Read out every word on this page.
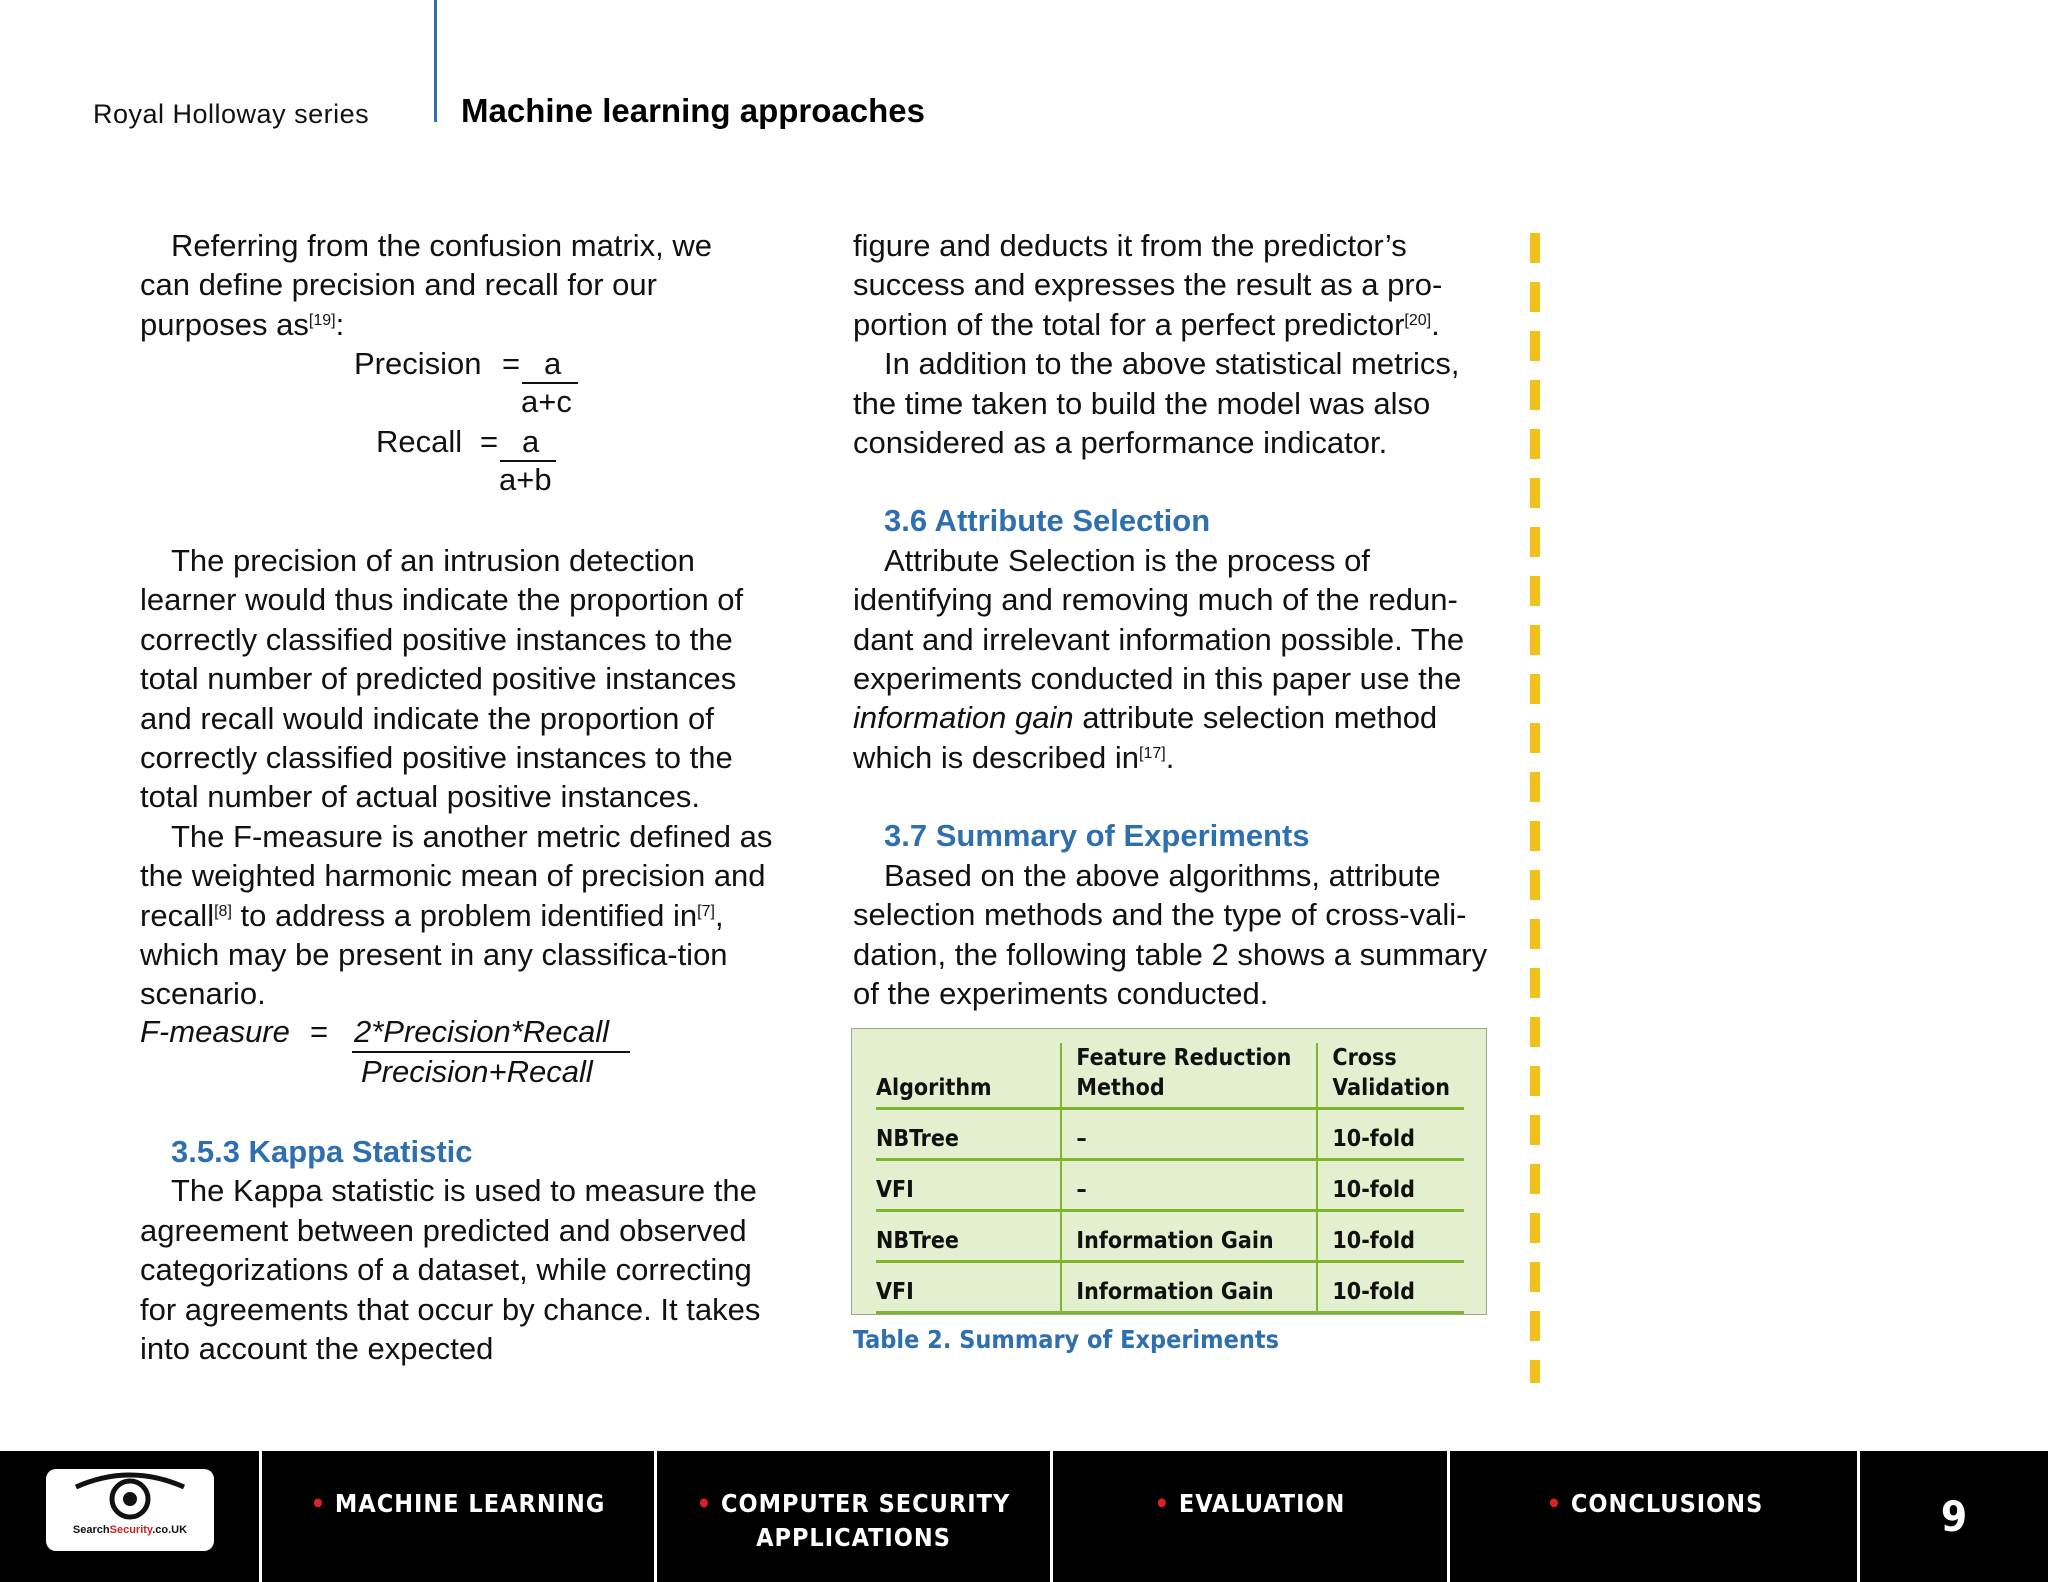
Royal Holloway series	Machine learning approaches

Referring from the confusion matrix, we

can define precision and recall for our

purposes as[19]:

Precision = a
a+c
Recall = a
a+b

The precision of an intrusion detection learner would thus indicate the proportion of correctly classified positive instances to the total number of predicted positive instances and recall would indicate the proportion of correctly classified positive instances to the total number of actual positive instances.

The F-measure is another metric defined as the weighted harmonic mean of precision and recall[8] to address a problem identified in[7], which may be present in any classifica-tion scenario.

F-measure = 2*Precision*Recall
Precision+Recall

3.5.3 Kappa Statistic

The Kappa statistic is used to measure the agreement between predicted and observed categorizations of a dataset, while correcting for agreements that occur by chance. It takes into account the expected

figure and deducts it from the predictor’s success and expresses the result as a pro-portion of the total for a perfect predictor[20].

In addition to the above statistical metrics, the time taken to build the model was also considered as a performance indicator.

3.6 Attribute Selection

Attribute Selection is the process of identifying and removing much of the redun-dant and irrelevant information possible. The experiments conducted in this paper use the information gain attribute selection method which is described in[17].

3.7 Summary of Experiments

Based on the above algorithms, attribute selection methods and the type of cross-vali-dation, the following table 2 shows a summary of the experiments conducted.

Algorithm	Feature Reduction Method	Cross Validation
NBTree	–	10-fold
VFI	–	10-fold
NBTree	Information Gain	10-fold
VFI	Information Gain	10-fold
Table 2. Summary of Experiments
SearchSecurity.co.UK
• MACHINE LEARNING	• COMPUTER SECURITY
APPLICATIONS
• EVALUATION	• CONCLUSIONS	9
